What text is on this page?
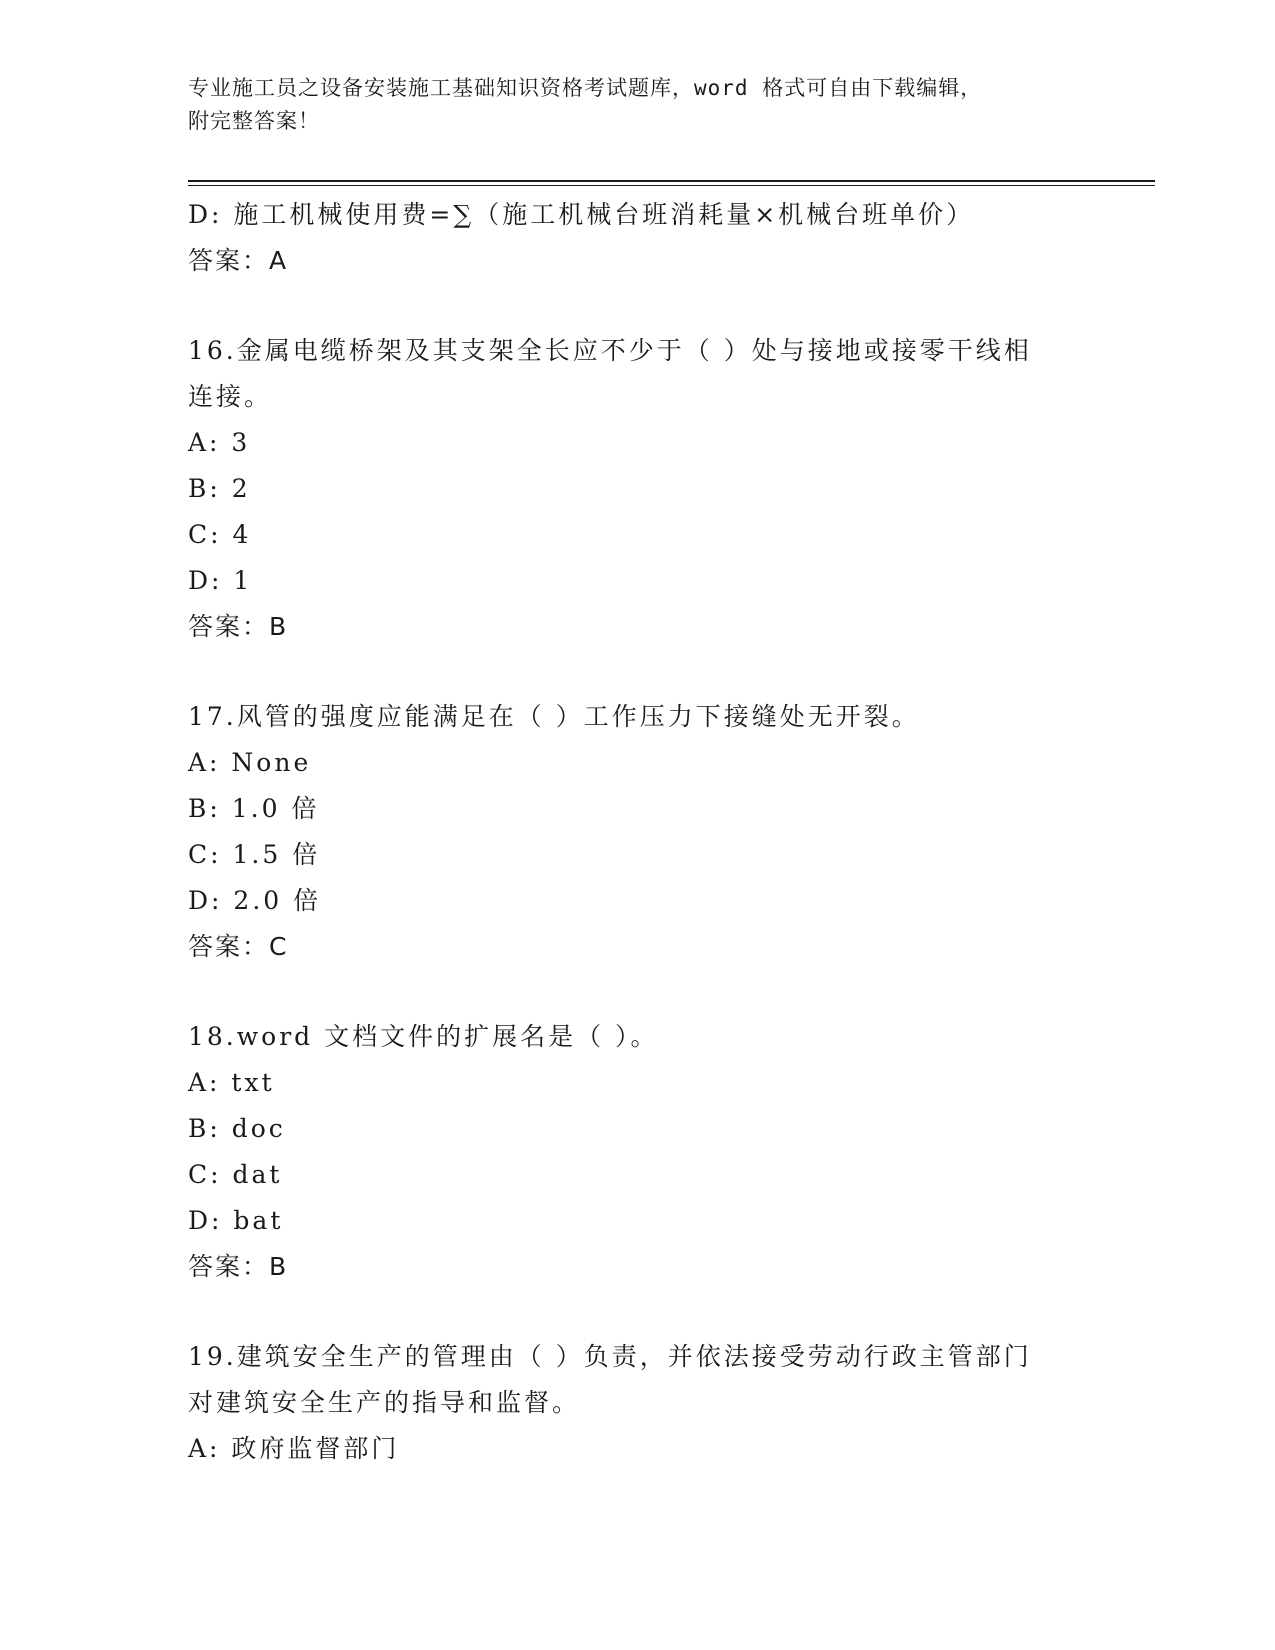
专业施工员之设备安装施工基础知识资格考试题库，word 格式可自由下载编辑，
附完整答案！
D: 施工机械使用费=∑（施工机械台班消耗量×机械台班单价）
答案：A
16.金属电缆桥架及其支架全长应不少于（ ）处与接地或接零干线相
连接。
A: 3
B: 2
C: 4
D: 1
答案：B
17.风管的强度应能满足在（ ）工作压力下接缝处无开裂。
A: None
B: 1.0 倍
C: 1.5 倍
D: 2.0 倍
答案：C
18.word 文档文件的扩展名是（ ）。
A: txt
B: doc
C: dat
D: bat
答案：B
19.建筑安全生产的管理由（ ）负责，并依法接受劳动行政主管部门
对建筑安全生产的指导和监督。
A: 政府监督部门
